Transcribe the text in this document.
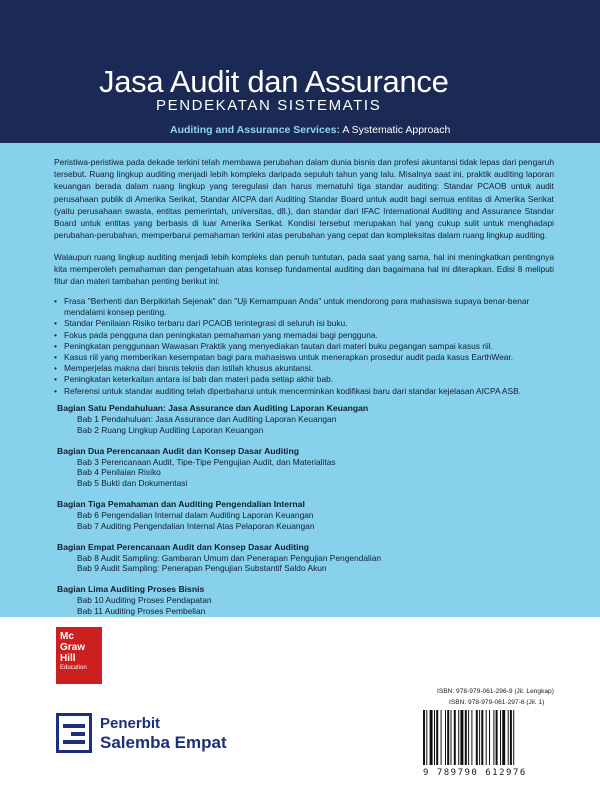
Jasa Audit dan Assurance
PENDEKATAN SISTEMATIS
Auditing and Assurance Services: A Systematic Approach

Peristiwa-peristiwa pada dekade terkini telah membawa perubahan dalam dunia bisnis dan profesi akuntansi tidak lepas dari pengaruh tersebut. Ruang lingkup auditing menjadi lebih kompleks daripada sepuluh tahun yang lalu. Misalnya saat ini, praktik auditing laporan keuangan berada dalam ruang lingkup yang teregulasi dan harus mematuhi tiga standar auditing: Standar PCAOB untuk audit perusahaan publik di Amerika Serikat, Standar AICPA dari Auditing Standar Board untuk audit bagi semua entitas di Amerika Serikat (yaitu perusahaan swasta, entitas pemerintah, universitas, dll.), dan standar dari IFAC International Auditing and Assurance Standar Board untuk entitas yang berbasis di luar Amerika Serikat. Kondisi tersebut merupakan hal yang cukup sulit untuk menghadapi perubahan-perubahan, memperbarui pemahaman terkini atas perubahan yang cepat dan kompleksitas dalam ruang lingkup auditing.

Walaupun ruang lingkup auditing menjadi lebih kompleks dan penuh tuntutan, pada saat yang sama, hal ini meningkatkan pentingnya kita memperoleh pemahaman dan pengetahuan atas konsep fundamental auditing dan bagaimana hal ini diterapkan. Edisi 8 meliputi fitur dan materi tambahan penting berikut ini:

• Frasa "Berhenti dan Berpikirlah Sejenak" dan "Uji Kemampuan Anda" untuk mendorong para mahasiswa supaya benar-benar mendalami konsep penting.
• Standar Penilaian Risiko terbaru dari PCAOB terintegrasi di seluruh isi buku.
• Fokus pada pengguna dan peningkatan pemahaman yang memadai bagi pengguna.
• Peningkatan penggunaan Wawasan Praktik yang menyediakan tautan dari materi buku pegangan sampai kasus riil.
• Kasus riil yang memberikan kesempatan bagi para mahasiswa untuk menerapkan prosedur audit pada kasus EarthWear.
• Memperjelas makna dari bisnis teknis dan istilah khusus akuntansi.
• Peningkatan keterkaitan antara isi bab dan materi pada setiap akhir bab.
• Referensi untuk standar auditing telah diperbaharui untuk mencerminkan kodifikasi baru dari standar kejelasan AICPA ASB.
Bagian Satu Pendahuluan: Jasa Assurance dan Auditing Laporan Keuangan
Bab 1 Pendahuluan: Jasa Assurance dan Auditing Laporan Keuangan
Bab 2 Ruang Lingkup Auditing Laporan Keuangan
Bagian Dua Perencanaan Audit dan Konsep Dasar Auditing
Bab 3 Perencanaan Audit, Tipe-Tipe Pengujian Audit, dan Materialitas
Bab 4 Penilaian Risiko
Bab 5 Bukti dan Dokumentasi
Bagian Tiga Pemahaman dan Auditing Pengendalian Internal
Bab 6 Pengendalian Internal dalam Auditing Laporan Keuangan
Bab 7 Auditing Pengendalian Internal Atas Pelaporan Keuangan
Bagian Empat Perencanaan Audit dan Konsep Dasar Auditing
Bab 8 Audit Sampling: Gambaran Umum dan Penerapan Pengujian Pengendalian
Bab 9 Audit Sampling: Penerapan Pengujian Substantif Saldo Akun
Bagian Lima Auditing Proses Bisnis
Bab 10 Auditing Proses Pendapatan
Bab 11 Auditing Proses Pembelian
Mc
Graw
Hill
Education
Penerbit
Salemba Empat
ISBN: 978-979-061-296-9 (Jil. Lengkap)
ISBN: 978-979-061-297-6 (Jil. 1)
9 789790 612976
